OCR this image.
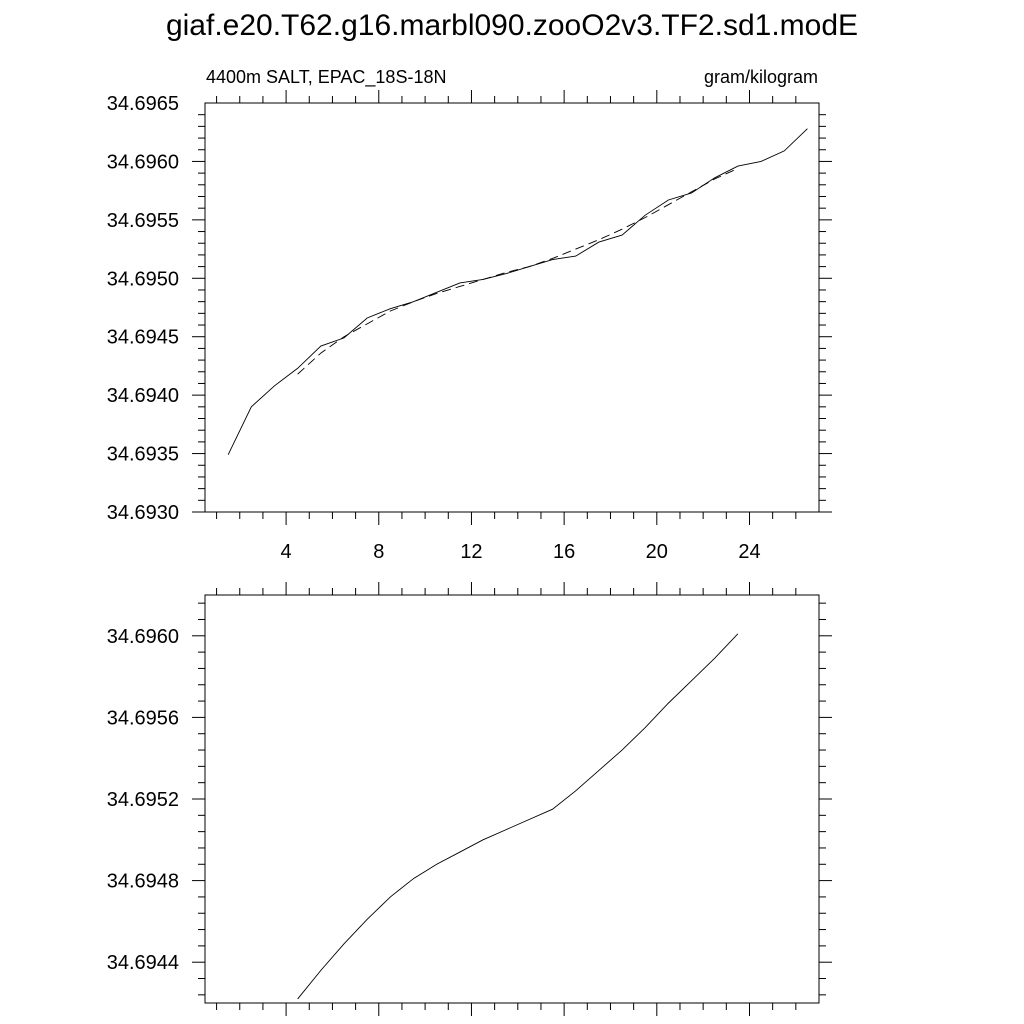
giaf.e20.T62.g16.marbl090.zooO2v3.TF2.sd1.modE
4	8	12	16	20	24
34.6930
34.6935
34.6940
34.6945
34.6950
34.6955
34.6960
34.6965
4400m SALT, EPAC_18S-18N	gram/kilogram
34.6944
34.6948
34.6952
34.6956
34.6960
